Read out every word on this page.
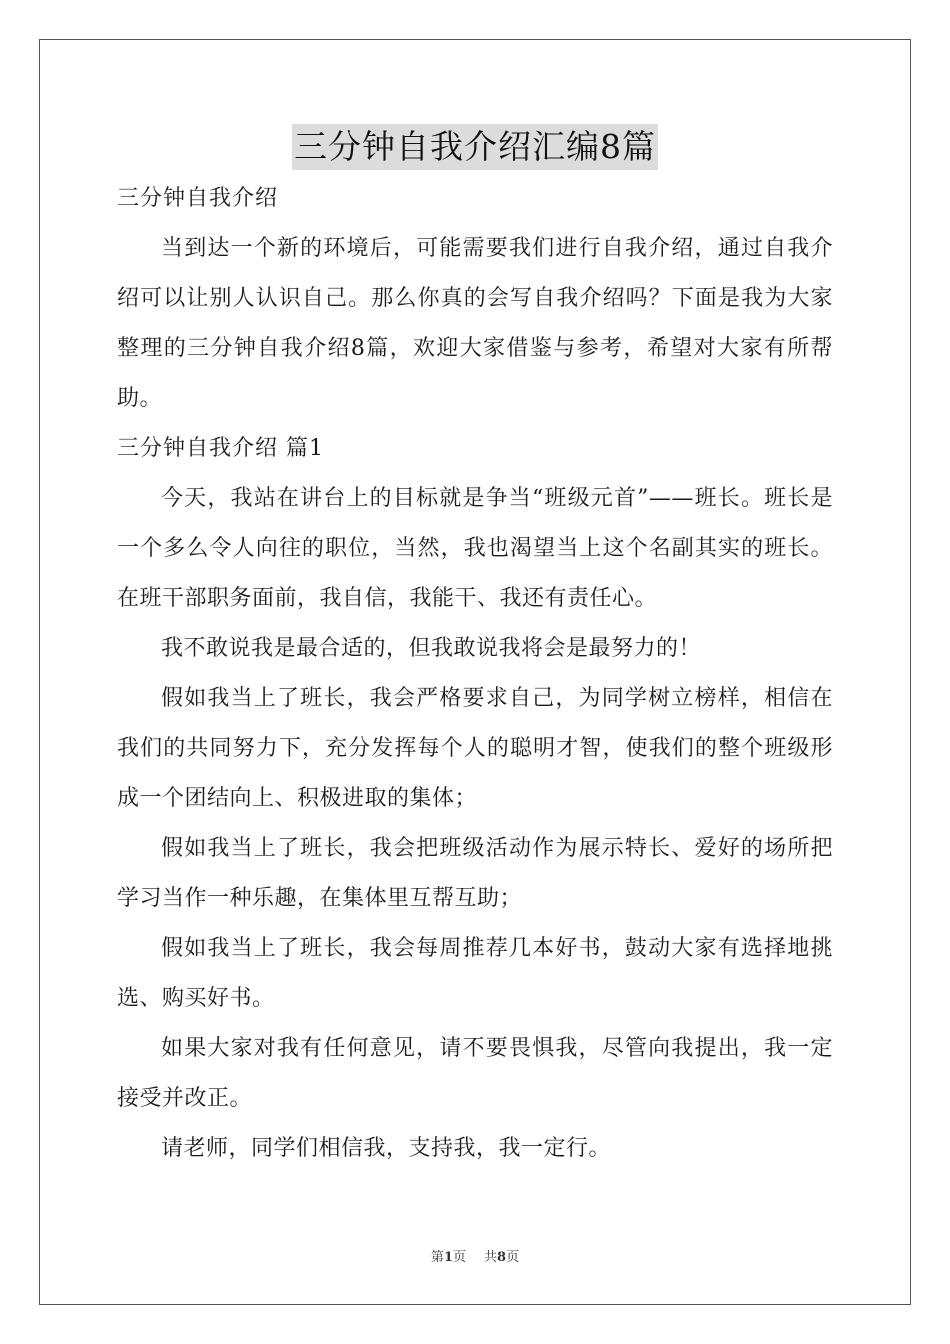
三分钟自我介绍汇编8篇

三分钟自我介绍

当到达一个新的环境后，可能需要我们进行自我介绍，通过自我介绍可以让别人认识自己。那么你真的会写自我介绍吗？下面是我为大家整理的三分钟自我介绍8篇，欢迎大家借鉴与参考，希望对大家有所帮助。

三分钟自我介绍 篇1

今天，我站在讲台上的目标就是争当“班级元首”——班长。班长是一个多么令人向往的职位，当然，我也渴望当上这个名副其实的班长。在班干部职务面前，我自信，我能干、我还有责任心。

我不敢说我是最合适的，但我敢说我将会是最努力的！

假如我当上了班长，我会严格要求自己，为同学树立榜样，相信在我们的共同努力下，充分发挥每个人的聪明才智，使我们的整个班级形成一个团结向上、积极进取的集体；

假如我当上了班长，我会把班级活动作为展示特长、爱好的场所把学习当作一种乐趣，在集体里互帮互助；

假如我当上了班长，我会每周推荐几本好书，鼓动大家有选择地挑选、购买好书。

如果大家对我有任何意见，请不要畏惧我，尽管向我提出，我一定接受并改正。

请老师，同学们相信我，支持我，我一定行。

第1页 共8页
